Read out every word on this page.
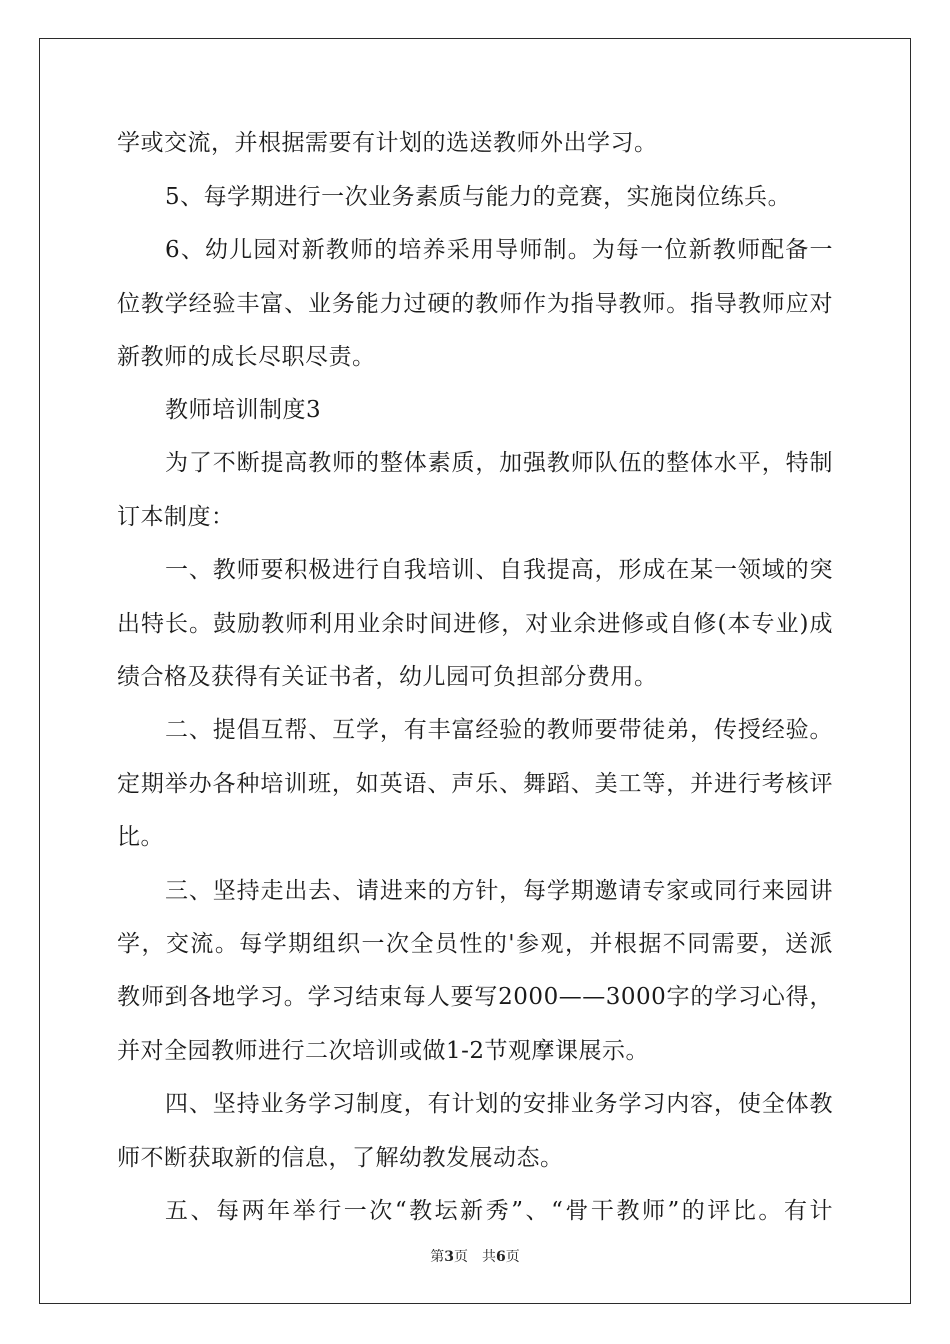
学或交流，并根据需要有计划的选送教师外出学习。
5、每学期进行一次业务素质与能力的竞赛，实施岗位练兵。
6、幼儿园对新教师的培养采用导师制。为每一位新教师配备一
位教学经验丰富、业务能力过硬的教师作为指导教师。指导教师应对
新教师的成长尽职尽责。
教师培训制度3
为了不断提高教师的整体素质，加强教师队伍的整体水平，特制
订本制度：
一、教师要积极进行自我培训、自我提高，形成在某一领域的突
出特长。鼓励教师利用业余时间进修，对业余进修或自修(本专业)成
绩合格及获得有关证书者，幼儿园可负担部分费用。
二、提倡互帮、互学，有丰富经验的教师要带徒弟，传授经验。
定期举办各种培训班，如英语、声乐、舞蹈、美工等，并进行考核评
比。
三、坚持走出去、请进来的方针，每学期邀请专家或同行来园讲
学，交流。每学期组织一次全员性的'参观，并根据不同需要，送派
教师到各地学习。学习结束每人要写2000——3000字的学习心得，
并对全园教师进行二次培训或做1-2节观摩课展示。
四、坚持业务学习制度，有计划的安排业务学习内容，使全体教
师不断获取新的信息，了解幼教发展动态。
五、每两年举行一次“教坛新秀”、“骨干教师”的评比。有计
第3页　共6页
